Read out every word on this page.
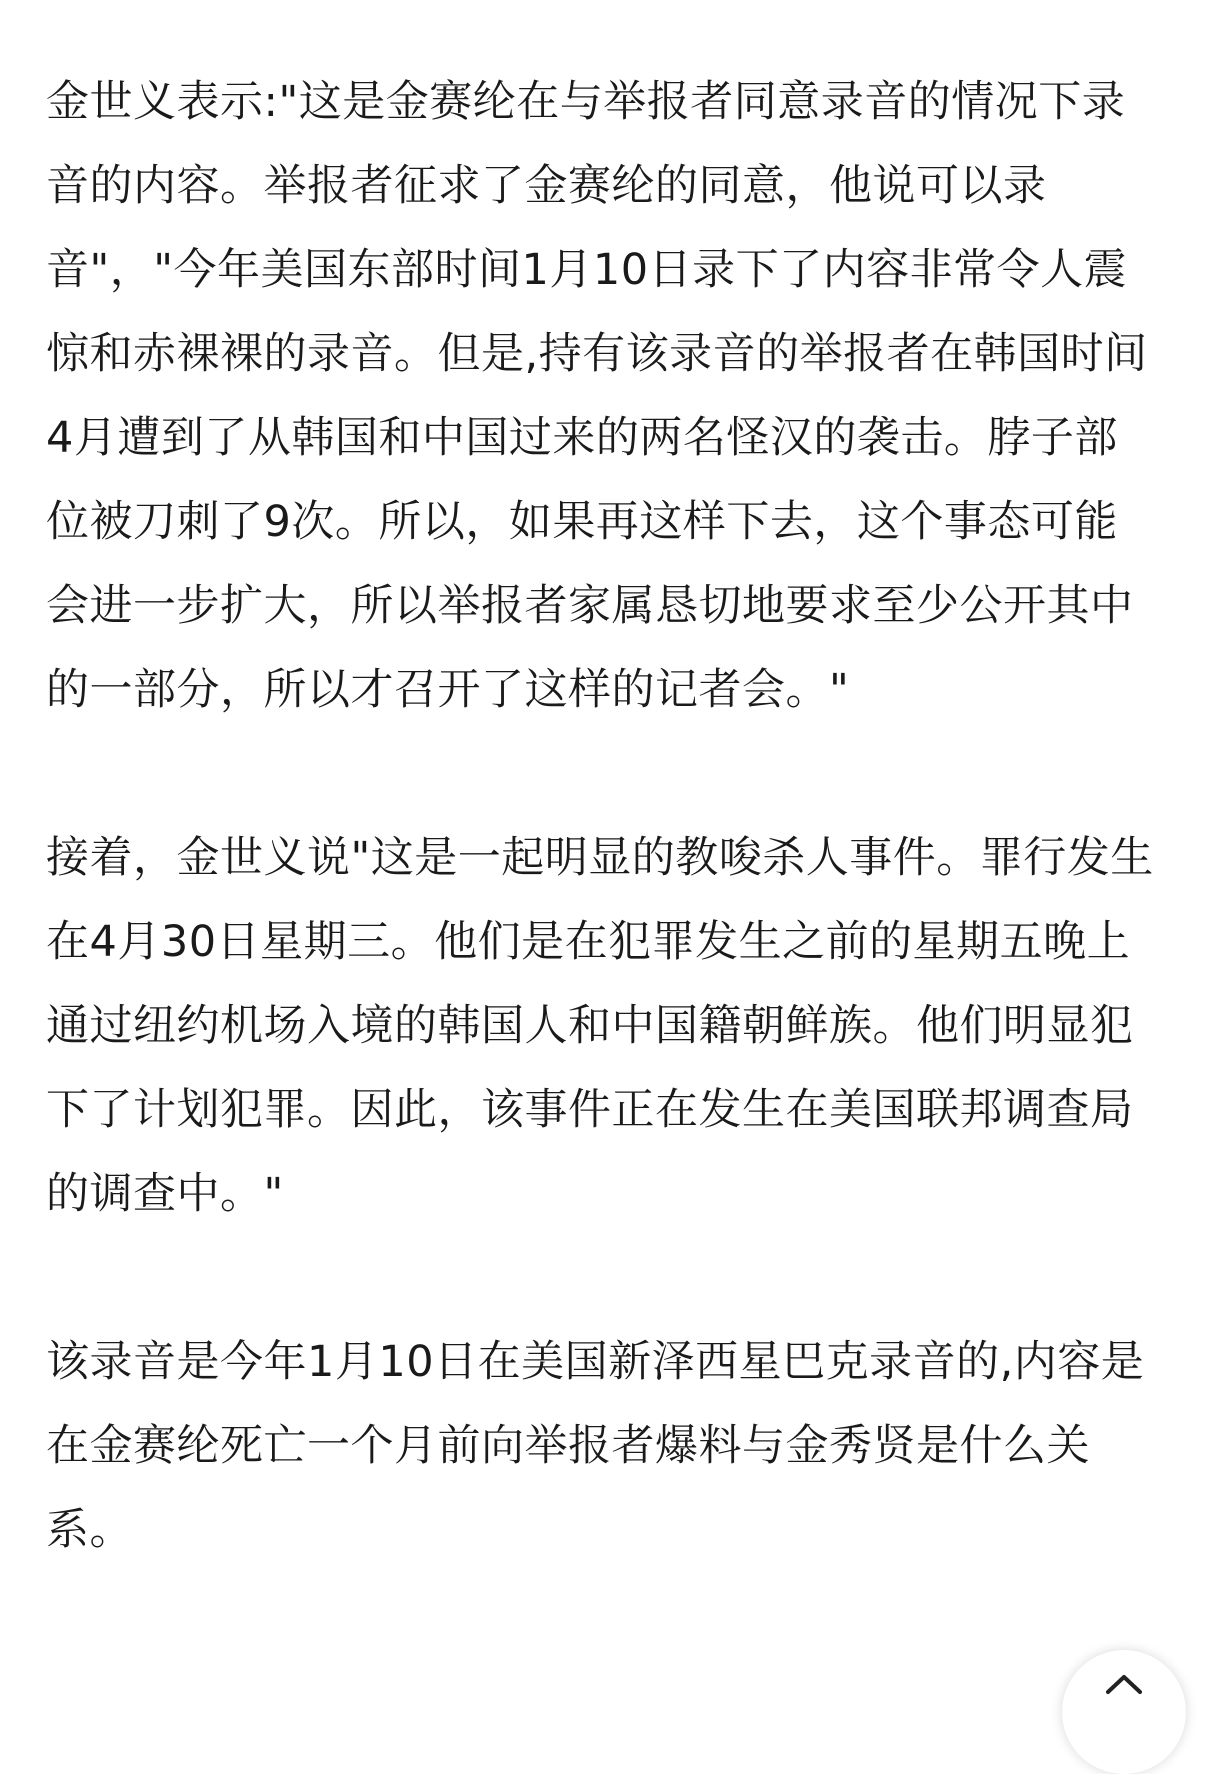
金世义表示:"这是金赛纶在与举报者同意录音的情况下录音的内容。举报者征求了金赛纶的同意，他说可以录音"，"今年美国东部时间1月10日录下了内容非常令人震惊和赤裸裸的录音。但是,持有该录音的举报者在韩国时间4月遭到了从韩国和中国过来的两名怪汉的袭击。脖子部位被刀刺了9次。所以，如果再这样下去，这个事态可能会进一步扩大，所以举报者家属恳切地要求至少公开其中的一部分，所以才召开了这样的记者会。"

接着，金世义说"这是一起明显的教唆杀人事件。罪行发生在4月30日星期三。他们是在犯罪发生之前的星期五晚上通过纽约机场入境的韩国人和中国籍朝鲜族。他们明显犯下了计划犯罪。因此，该事件正在发生在美国联邦调查局的调查中。"

该录音是今年1月10日在美国新泽西星巴克录音的,内容是在金赛纶死亡一个月前向举报者爆料与金秀贤是什么关系。
